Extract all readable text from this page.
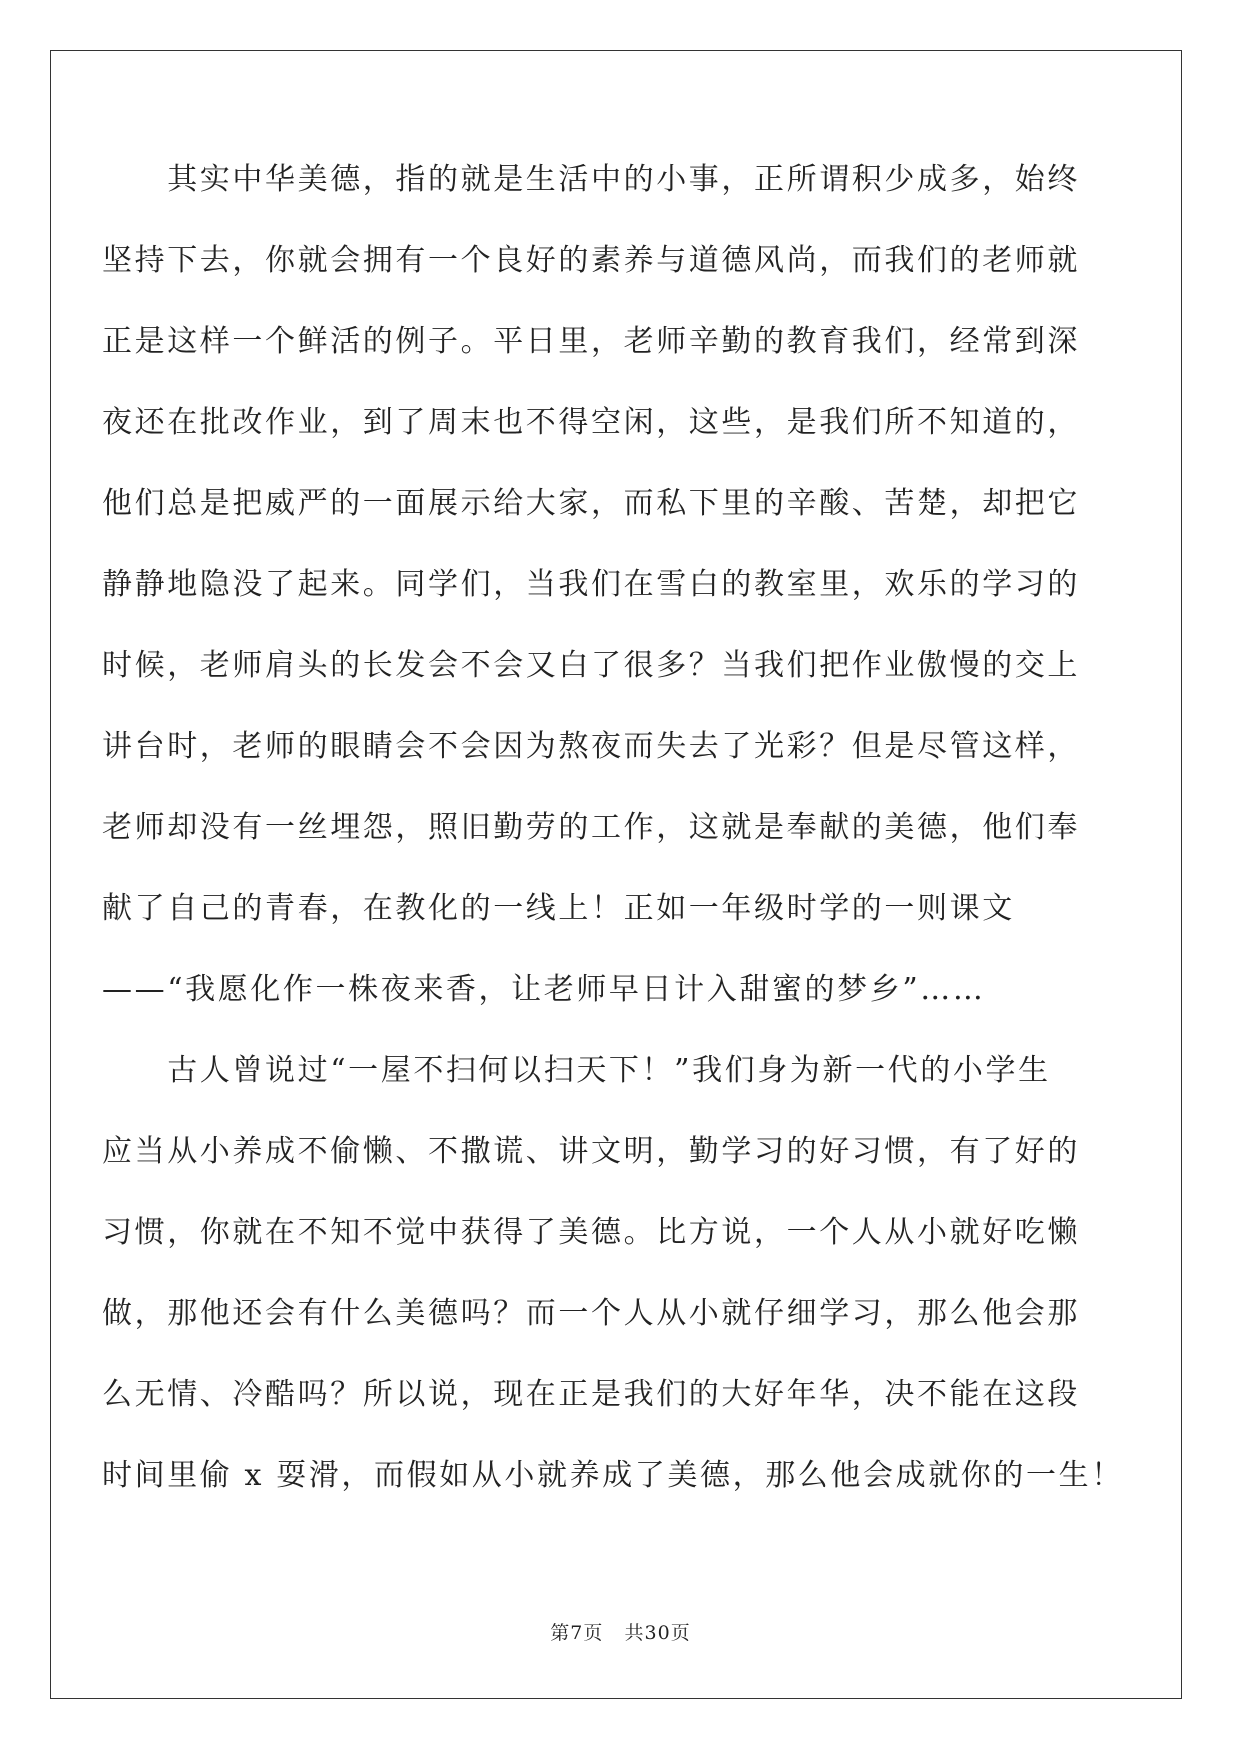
　　其实中华美德，指的就是生活中的小事，正所谓积少成多，始终
坚持下去，你就会拥有一个良好的素养与道德风尚，而我们的老师就
正是这样一个鲜活的例子。平日里，老师辛勤的教育我们，经常到深
夜还在批改作业，到了周末也不得空闲，这些，是我们所不知道的，
他们总是把威严的一面展示给大家，而私下里的辛酸、苦楚，却把它
静静地隐没了起来。同学们，当我们在雪白的教室里，欢乐的学习的
时候，老师肩头的长发会不会又白了很多？当我们把作业傲慢的交上
讲台时，老师的眼睛会不会因为熬夜而失去了光彩？但是尽管这样，
老师却没有一丝埋怨，照旧勤劳的工作，这就是奉献的美德，他们奉
献了自己的青春，在教化的一线上！正如一年级时学的一则课文
——“我愿化作一株夜来香，让老师早日计入甜蜜的梦乡”……
　　古人曾说过“一屋不扫何以扫天下！”我们身为新一代的小学生
应当从小养成不偷懒、不撒谎、讲文明，勤学习的好习惯，有了好的
习惯，你就在不知不觉中获得了美德。比方说，一个人从小就好吃懒
做，那他还会有什么美德吗？而一个人从小就仔细学习，那么他会那
么无情、冷酷吗？所以说，现在正是我们的大好年华，决不能在这段
时间里偷 x 耍滑，而假如从小就养成了美德，那么他会成就你的一生！
第7页 共30页
